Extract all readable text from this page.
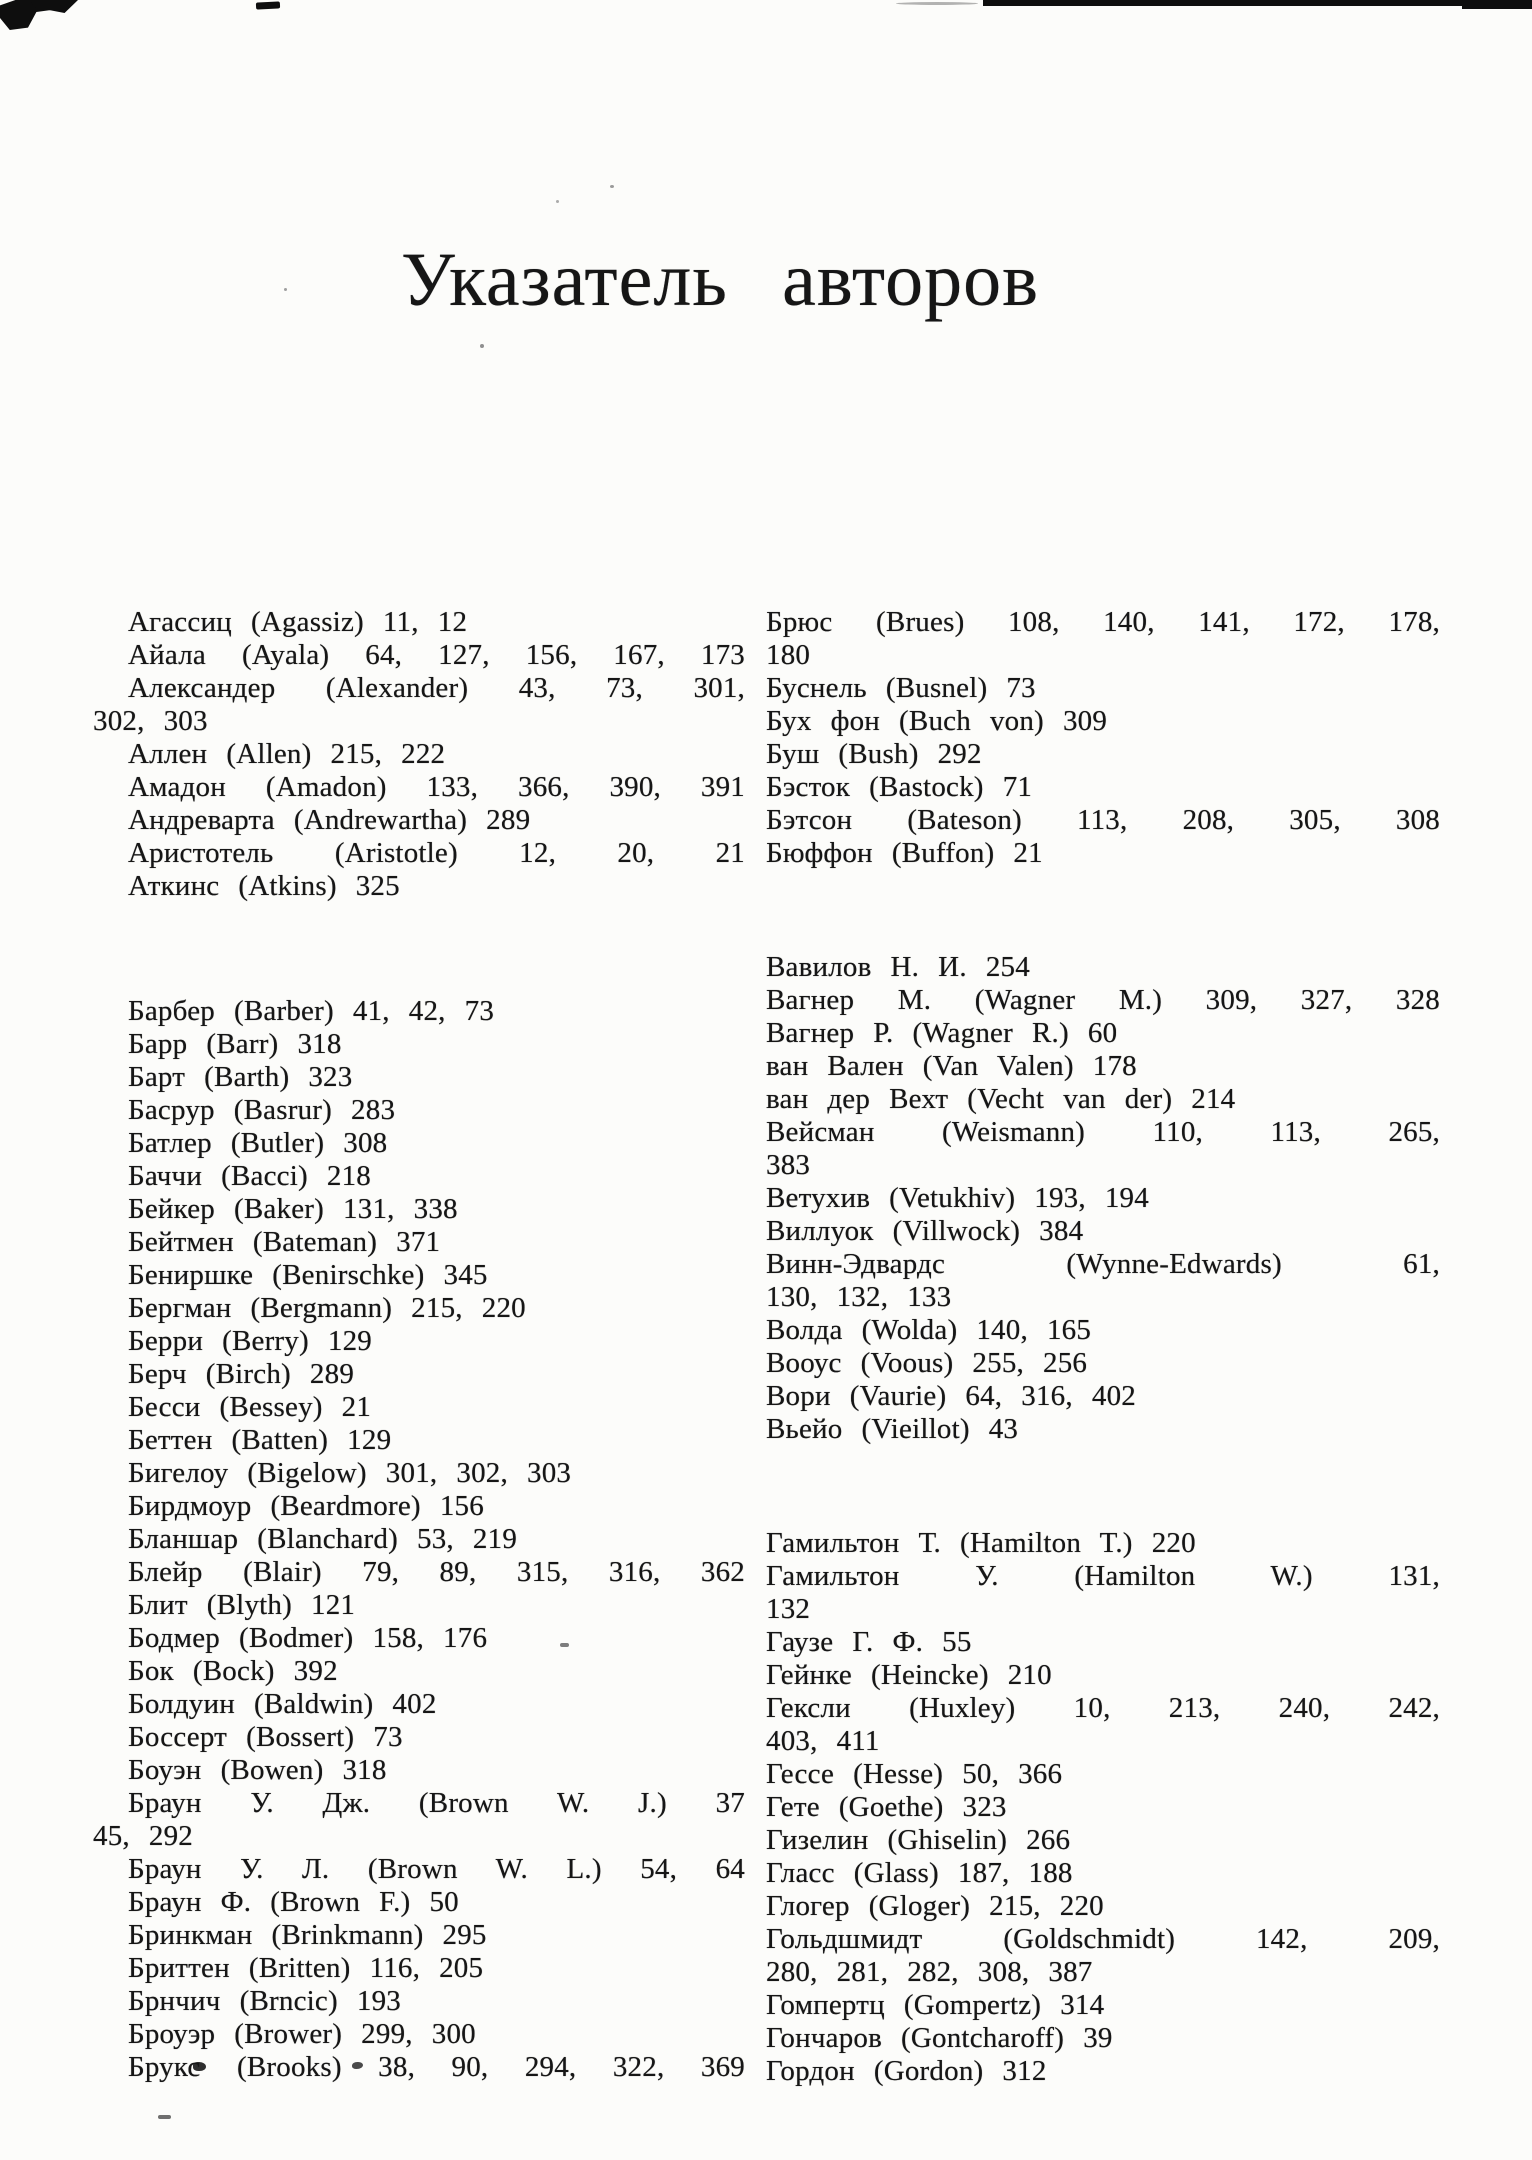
Указатель авторов
Агассиц (Agassiz) 11, 12
Айала (Ayala) 64, 127, 156, 167, 173
Александер (Alexander) 43, 73, 301,
302, 303
Аллен (Allen) 215, 222
Амадон (Amadon) 133, 366, 390, 391
Андреварта (Andrewartha) 289
Аристотель (Aristotle) 12, 20, 21
Аткинс (Atkins) 325
Барбер (Barber) 41, 42, 73
Барр (Barr) 318
Барт (Barth) 323
Басрур (Basrur) 283
Батлер (Butler) 308
Баччи (Bacci) 218
Бейкер (Baker) 131, 338
Бейтмен (Bateman) 371
Бениршке (Benirschke) 345
Бергман (Bergmann) 215, 220
Берри (Berry) 129
Берч (Birch) 289
Бесси (Bessey) 21
Беттен (Batten) 129
Бигелоу (Bigelow) 301, 302, 303
Бирдмоур (Beardmore) 156
Бланшар (Blanchard) 53, 219
Блейр (Blair) 79, 89, 315, 316, 362
Блит (Blyth) 121
Бодмер (Bodmer) 158, 176
Бок (Bock) 392
Болдуин (Baldwin) 402
Боссерт (Bossert) 73
Боуэн (Bowen) 318
Браун У. Дж. (Brown W. J.) 37
45, 292
Браун У. Л. (Brown W. L.) 54, 64
Браун Ф. (Brown F.) 50
Бринкман (Brinkmann) 295
Бриттен (Britten) 116, 205
Брнчич (Brncic) 193
Броуэр (Brower) 299, 300
Брукс (Brooks) 38, 90, 294, 322, 369
Брюс (Brues) 108, 140, 141, 172, 178,
180
Буснель (Busnel) 73
Бух фон (Buch von) 309
Буш (Bush) 292
Бэсток (Bastock) 71
Бэтсон (Bateson) 113, 208, 305, 308
Бюффон (Buffon) 21
Вавилов Н. И. 254
Вагнер М. (Wagner M.) 309, 327, 328
Вагнер Р. (Wagner R.) 60
ван Вален (Van Valen) 178
ван дер Вехт (Vecht van der) 214
Вейсман (Weismann) 110, 113, 265,
383
Ветухив (Vetukhiv) 193, 194
Виллуок (Villwock) 384
Винн-Эдвардс (Wynne-Edwards) 61,
130, 132, 133
Волда (Wolda) 140, 165
Вооус (Voous) 255, 256
Вори (Vaurie) 64, 316, 402
Вьейо (Vieillot) 43
Гамильтон Т. (Hamilton T.) 220
Гамильтон У. (Hamilton W.) 131,
132
Гаузе Г. Ф. 55
Гейнке (Heincke) 210
Гексли (Huxley) 10, 213, 240, 242,
403, 411
Гессе (Hesse) 50, 366
Гете (Goethe) 323
Гизелин (Ghiselin) 266
Гласс (Glass) 187, 188
Глогер (Gloger) 215, 220
Гольдшмидт (Goldschmidt) 142, 209,
280, 281, 282, 308, 387
Гомпертц (Gompertz) 314
Гончаров (Gontcharoff) 39
Гордон (Gordon) 312
